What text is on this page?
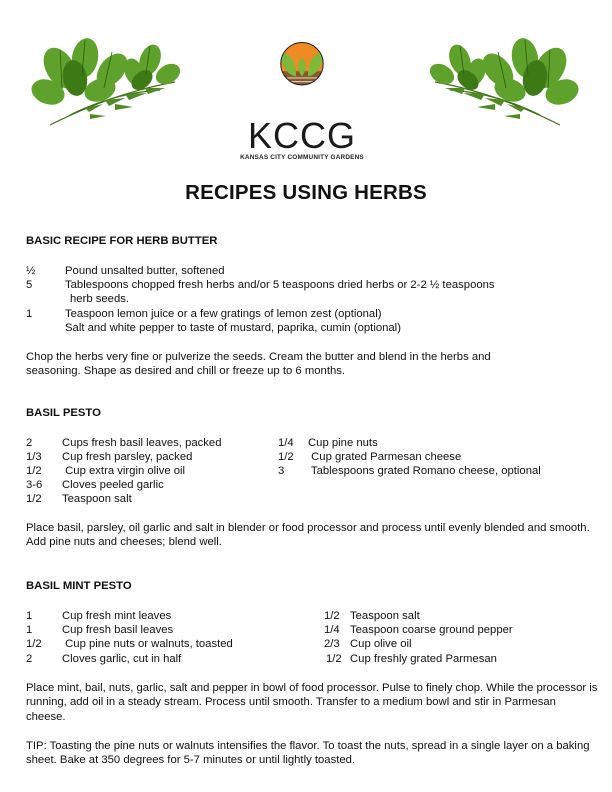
KCCG
KANSAS CITY COMMUNITY GARDENS
RECIPES USING HERBS
BASIC RECIPE FOR HERB BUTTER
½	Pound unsalted butter, softened
5	Tablespoons chopped fresh herbs and/or 5 teaspoons dried herbs or 2-2 ½ teaspoons
herb seeds.
1	Teaspoon lemon juice or a few gratings of lemon zest (optional)
Salt and white pepper to taste of mustard, paprika, cumin (optional)
Chop the herbs very fine or pulverize the seeds. Cream the butter and blend in the herbs and seasoning. Shape as desired and chill or freeze up to 6 months.
BASIL PESTO
2	Cups fresh basil leaves, packed
1/3 Cup fresh parsley, packed
1/2 Cup extra virgin olive oil
3-6 Cloves peeled garlic
1/2 Teaspoon salt
1/4 Cup pine nuts
1/2 Cup grated Parmesan cheese
3 Tablespoons grated Romano cheese, optional
Place basil, parsley, oil garlic and salt in blender or food processor and process until evenly blended and smooth. Add pine nuts and cheeses; blend well.
BASIL MINT PESTO
1	Cup fresh mint leaves
1	Cup fresh basil leaves
1/2 Cup pine nuts or walnuts, toasted
2	Cloves garlic, cut in half
1/2 Teaspoon salt
1/4 Teaspoon coarse ground pepper
2/3 Cup olive oil
1/2 Cup freshly grated Parmesan
Place mint, bail, nuts, garlic, salt and pepper in bowl of food processor. Pulse to finely chop. While the processor is running, add oil in a steady stream. Process until smooth. Transfer to a medium bowl and stir in Parmesan cheese.
TIP: Toasting the pine nuts or walnuts intensifies the flavor. To toast the nuts, spread in a single layer on a baking sheet. Bake at 350 degrees for 5-7 minutes or until lightly toasted.
